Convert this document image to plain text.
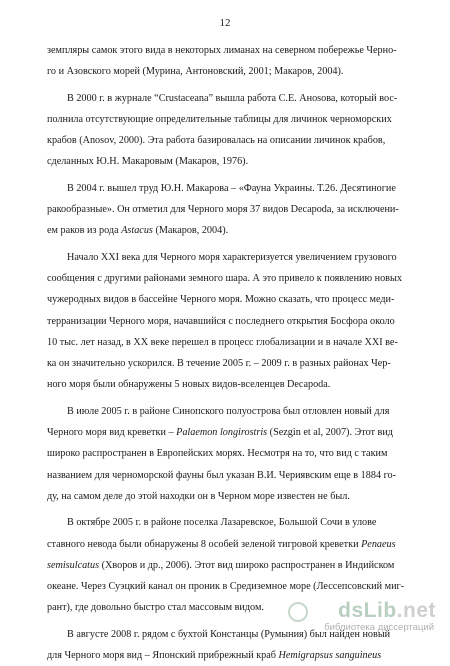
12
земпляры самок этого вида в некоторых лиманах на северном побережье Черно-
го и Азовского морей (Мурина, Антоновский, 2001; Макаров, 2004).
В 2000 г. в журнале “Crustaceana” вышла работа С.Е. Анosoва, который вос-
полнила отсутствующие определительные таблицы для личинок черноморских
крабов (Anosov, 2000). Эта работа базировалась на описании личинок крабов,
сделанных Ю.Н. Макаровым (Макаров, 1976).
В 2004 г. вышел труд Ю.Н. Макарова – «Фауна Украины. Т.26. Десятиногие
ракообразные». Он отметил для Черного моря 37 видов Decapoda, за исключени-
ем раков из рода Astacus (Макаров, 2004).
Начало XXI века для Черного моря характеризуется увеличением грузового
сообщения с другими районами земного шара. А это привело к появлению новых
чужеродных видов в бассейне Черного моря. Можно сказать, что процесс меди-
терранизации Черного моря, начавшийся с последнего открытия Босфора около
10 тыс. лет назад, в XX веке перешел в процесс глобализации и в начале XXI ве-
ка он значительно ускорился. В течение 2005 г. – 2009 г. в разных районах Чер-
ного моря были обнаружены 5 новых видов-вселенцев Decapoda.
В июле 2005 г. в районе Синопского полуострова был отловлен новый для
Черного моря вид креветки – Palaemon longirostris (Sezgin et al, 2007). Этот вид
широко распространен в Европейских морях. Несмотря на то, что вид с таким
названием для черноморской фауны был указан В.И. Чериявским еще в 1884 го-
ду, на самом деле до этой находки он в Черном море известен не был.
В октябре 2005 г. в районе поселка Лазаревское, Большой Сочи в улове
ставного невода были обнаружены 8 особей зеленой тигровой креветки Penaeus
semisulcatus (Хворов и др., 2006). Этот вид широко распространен в Индийском
океане. Через Суэцкий канал он проник в Средиземное море (Лессепсовский миг-
рант), где довольно быстро стал массовым видом.
В августе 2008 г. рядом с бухтой Констанцы (Румыния) был найден новый
для Черного моря вид – Японский прибрежный краб Hemigrapsus sanguineus
dsLib.net
библиотека диссертаций
